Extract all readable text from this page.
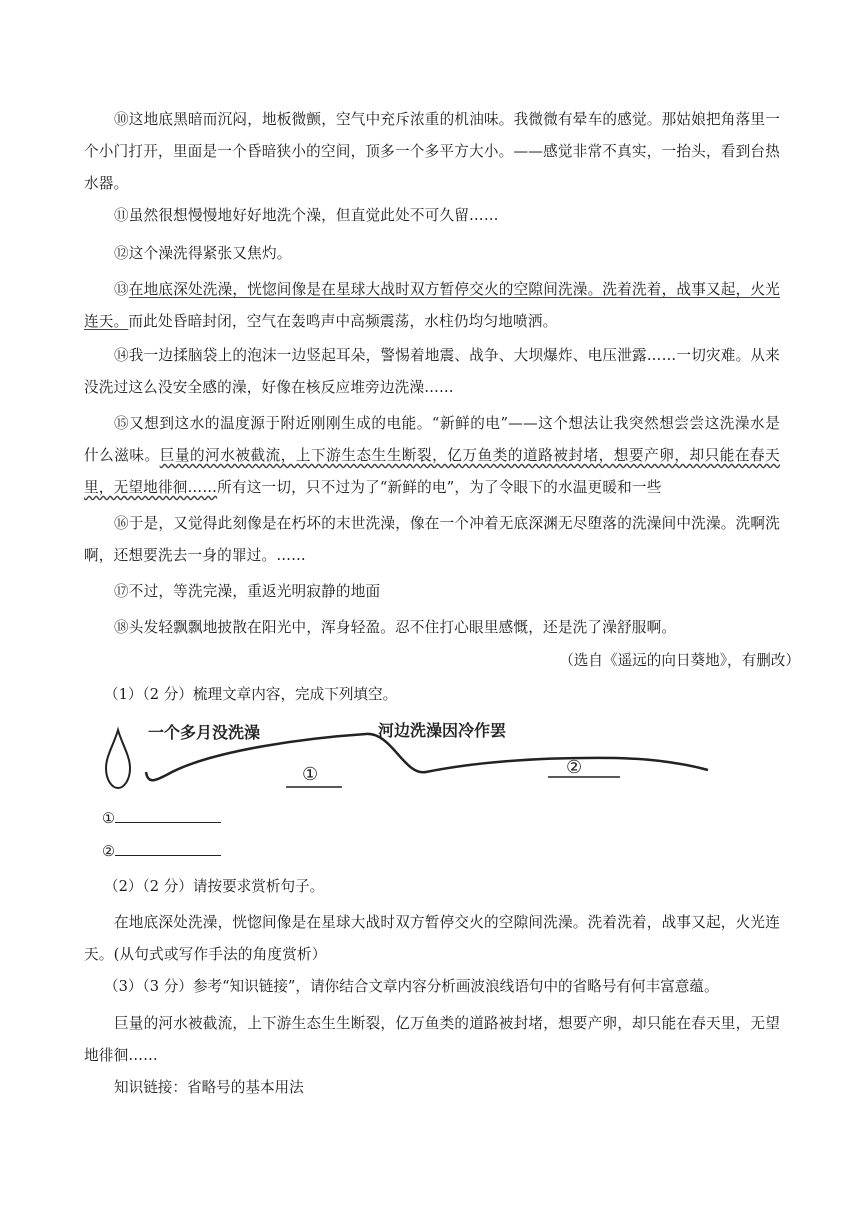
⑩这地底黑暗而沉闷，地板微颤，空气中充斥浓重的机油味。我微微有晕车的感觉。那姑娘把角落里一个小门打开，里面是一个昏暗狭小的空间，顶多一个多平方大小。——感觉非常不真实，一抬头，看到台热水器。

⑪虽然很想慢慢地好好地洗个澡，但直觉此处不可久留……

⑫这个澡洗得紧张又焦灼。

⑬在地底深处洗澡，恍惚间像是在星球大战时双方暂停交火的空隙间洗澡。洗着洗着，战事又起，火光连天。而此处昏暗封闭，空气在轰鸣声中高频震荡，水柱仍均匀地喷洒。

⑭我一边揉脑袋上的泡沫一边竖起耳朵，警惕着地震、战争、大坝爆炸、电压泄露……一切灾难。从来没洗过这么没安全感的澡，好像在核反应堆旁边洗澡……

⑮又想到这水的温度源于附近刚刚生成的电能。“新鲜的电”——这个想法让我突然想尝尝这洗澡水是什么滋味。巨量的河水被截流，上下游生态生生断裂，亿万鱼类的道路被封堵，想要产卵，却只能在春天里，无望地徘徊……所有这一切，只不过为了“新鲜的电”，为了令眼下的水温更暖和一些

⑯于是，又觉得此刻像是在朽坏的末世洗澡，像在一个冲着无底深渊无尽堕落的洗澡间中洗澡。洗啊洗啊，还想要洗去一身的罪过。……

⑰不过，等洗完澡，重返光明寂静的地面

⑱头发轻飘飘地披散在阳光中，浑身轻盈。忍不住打心眼里感慨，还是洗了澡舒服啊。

（选自《遥远的向日葵地》，有删改）

（1）（2 分）梳理文章内容，完成下列填空。

一个多月没洗澡	河边洗澡因冷作罢
①	②

①

②

（2）（2 分）请按要求赏析句子。

在地底深处洗澡，恍惚间像是在星球大战时双方暂停交火的空隙间洗澡。洗着洗着，战事又起，火光连天。(从句式或写作手法的角度赏析）

（3）（3 分）参考“知识链接”，请你结合文章内容分析画波浪线语句中的省略号有何丰富意蕴。

巨量的河水被截流，上下游生态生生断裂，亿万鱼类的道路被封堵，想要产卵，却只能在春天里，无望地徘徊……

知识链接：省略号的基本用法
